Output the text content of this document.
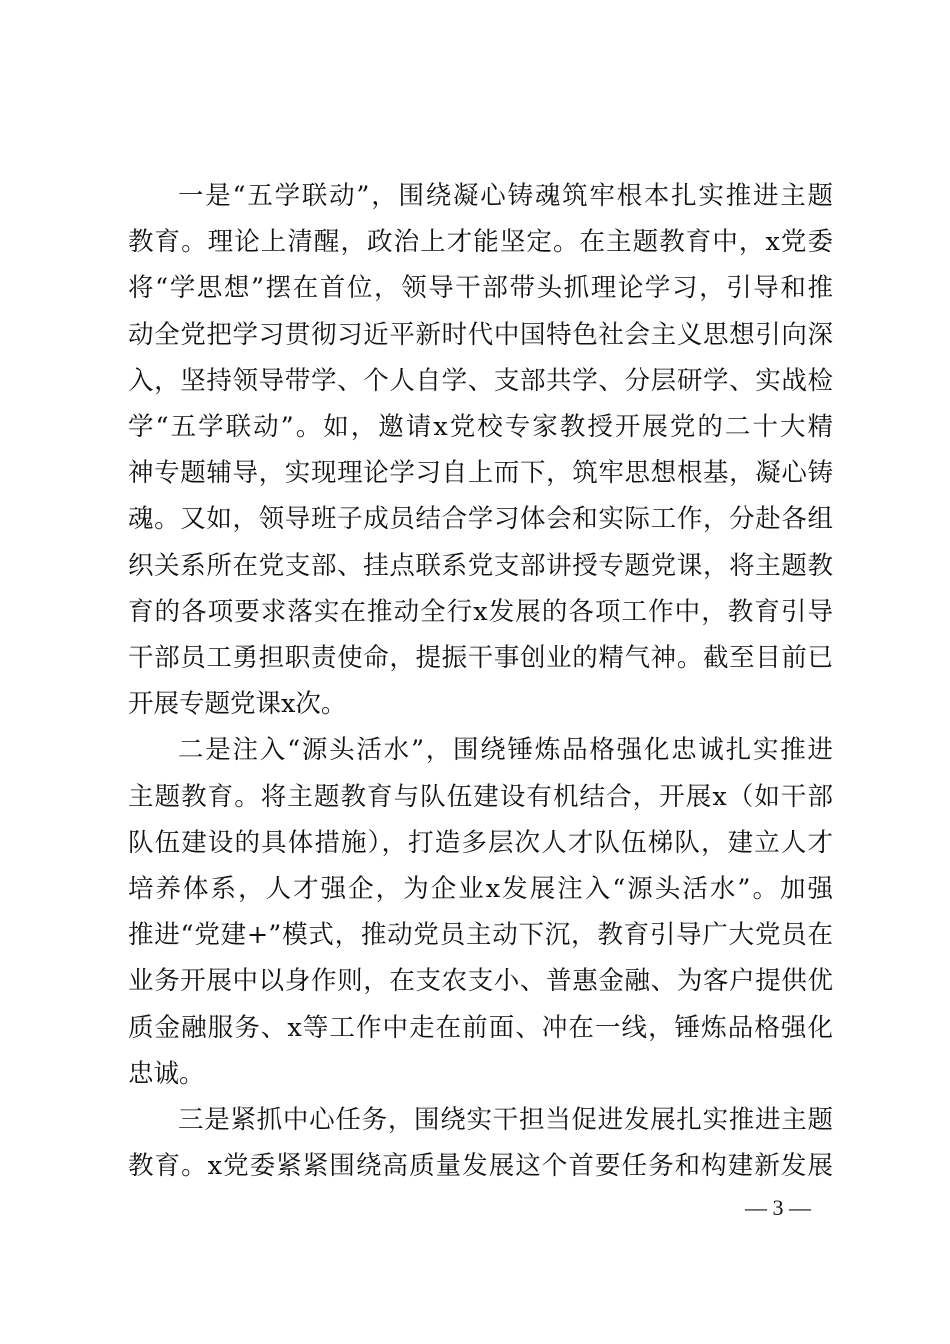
一是“五学联动”，围绕凝心铸魂筑牢根本扎实推进主题
教育。理论上清醒，政治上才能坚定。在主题教育中，x党委
将“学思想”摆在首位，领导干部带头抓理论学习，引导和推
动全党把学习贯彻习近平新时代中国特色社会主义思想引向深
入，坚持领导带学、个人自学、支部共学、分层研学、实战检
学“五学联动”。如，邀请x党校专家教授开展党的二十大精
神专题辅导，实现理论学习自上而下，筑牢思想根基，凝心铸
魂。又如，领导班子成员结合学习体会和实际工作，分赴各组
织关系所在党支部、挂点联系党支部讲授专题党课，将主题教
育的各项要求落实在推动全行x发展的各项工作中，教育引导
干部员工勇担职责使命，提振干事创业的精气神。截至目前已
开展专题党课x次。
二是注入“源头活水”，围绕锤炼品格强化忠诚扎实推进
主题教育。将主题教育与队伍建设有机结合，开展x（如干部
队伍建设的具体措施），打造多层次人才队伍梯队，建立人才
培养体系，人才强企，为企业x发展注入“源头活水”。加强
推进“党建+”模式，推动党员主动下沉，教育引导广大党员在
业务开展中以身作则，在支农支小、普惠金融、为客户提供优
质金融服务、x等工作中走在前面、冲在一线，锤炼品格强化
忠诚。
三是紧抓中心任务，围绕实干担当促进发展扎实推进主题
教育。x党委紧紧围绕高质量发展这个首要任务和构建新发展
— 3 —
